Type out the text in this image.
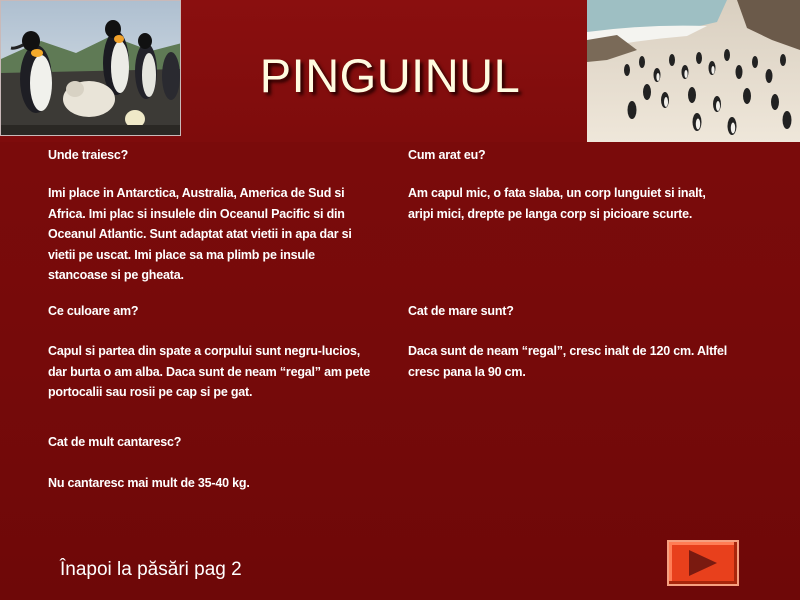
PINGUINUL
Unde traiesc?
Imi place in Antarctica, Australia, America de Sud si
Africa. Imi plac si insulele din Oceanul Pacific si din
Oceanul Atlantic. Sunt adaptat atat vietii in apa dar si
vietii pe uscat. Imi place sa ma plimb pe insule
stancoase si pe gheata.
Cum arat eu?
Am capul mic, o fata slaba, un corp lunguiet si inalt,
aripi mici, drepte pe langa corp si picioare scurte.
Ce culoare am?
Capul si partea din spate a corpului sunt negru-lucios,
dar burta o am alba. Daca sunt de neam “regal” am pete
portocalii sau rosii pe cap si pe gat.
Cat de mare sunt?
Daca sunt de neam “regal”, cresc inalt de 120 cm. Altfel
cresc pana la 90 cm.
Cat de mult cantaresc?
Nu cantaresc mai mult de 35-40 kg.
Înapoi la păsări pag 2
